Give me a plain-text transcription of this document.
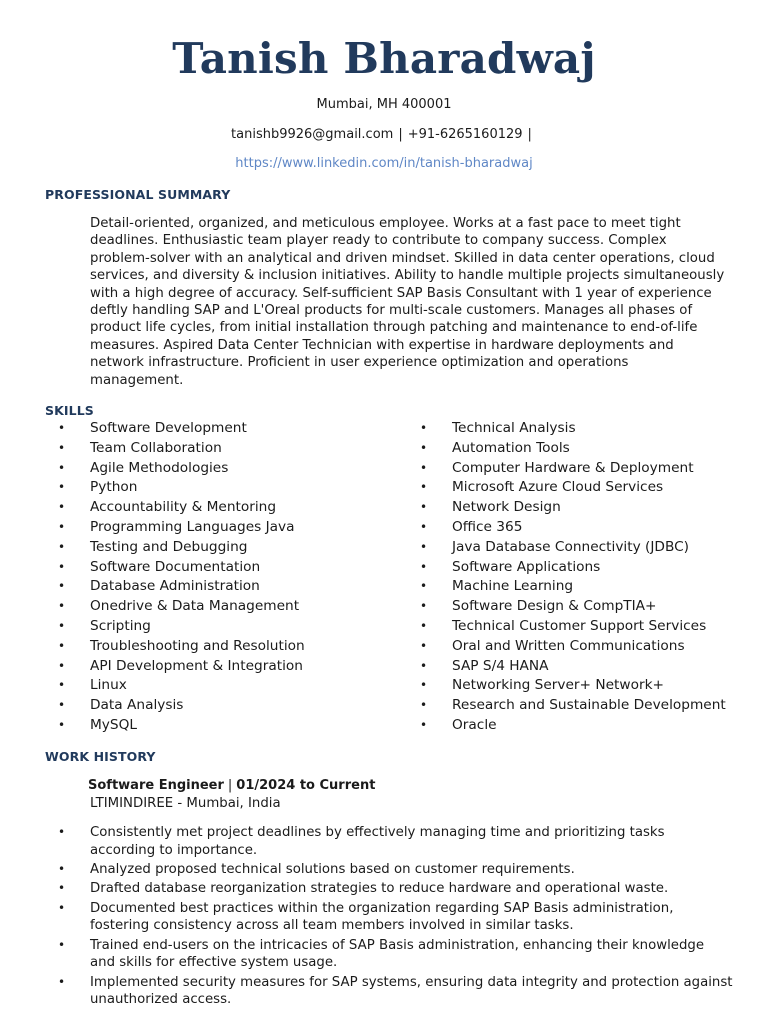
Tanish Bharadwaj
Mumbai, MH 400001
tanishb9926@gmail.com | +91-6265160129 |
https://www.linkedin.com/in/tanish-bharadwaj
PROFESSIONAL SUMMARY
Detail-oriented, organized, and meticulous employee. Works at a fast pace to meet tight
deadlines. Enthusiastic team player ready to contribute to company success. Complex
problem-solver with an analytical and driven mindset. Skilled in data center operations, cloud
services, and diversity & inclusion initiatives. Ability to handle multiple projects simultaneously
with a high degree of accuracy. Self-sufficient SAP Basis Consultant with 1 year of experience
deftly handling SAP and L'Oreal products for multi-scale customers. Manages all phases of
product life cycles, from initial installation through patching and maintenance to end-of-life
measures. Aspired Data Center Technician with expertise in hardware deployments and
network infrastructure. Proficient in user experience optimization and operations
management.
SKILLS
• Software Development
• Team Collaboration
• Agile Methodologies
• Python
• Accountability & Mentoring
• Programming Languages Java
• Testing and Debugging
• Software Documentation
• Database Administration
• Onedrive & Data Management
• Scripting
• Troubleshooting and Resolution
• API Development & Integration
• Linux
• Data Analysis
• MySQL
• Technical Analysis
• Automation Tools
• Computer Hardware & Deployment
• Microsoft Azure Cloud Services
• Network Design
• Office 365
• Java Database Connectivity (JDBC)
• Software Applications
• Machine Learning
• Software Design & CompTIA+
• Technical Customer Support Services
• Oral and Written Communications
• SAP S/4 HANA
• Networking Server+ Network+
• Research and Sustainable Development
• Oracle
WORK HISTORY
Software Engineer | 01/2024 to Current
LTIMINDIREE - Mumbai, India
• Consistently met project deadlines by effectively managing time and prioritizing tasks
according to importance.
• Analyzed proposed technical solutions based on customer requirements.
• Drafted database reorganization strategies to reduce hardware and operational waste.
• Documented best practices within the organization regarding SAP Basis administration,
fostering consistency across all team members involved in similar tasks.
• Trained end-users on the intricacies of SAP Basis administration, enhancing their knowledge
and skills for effective system usage.
• Implemented security measures for SAP systems, ensuring data integrity and protection against
unauthorized access.
